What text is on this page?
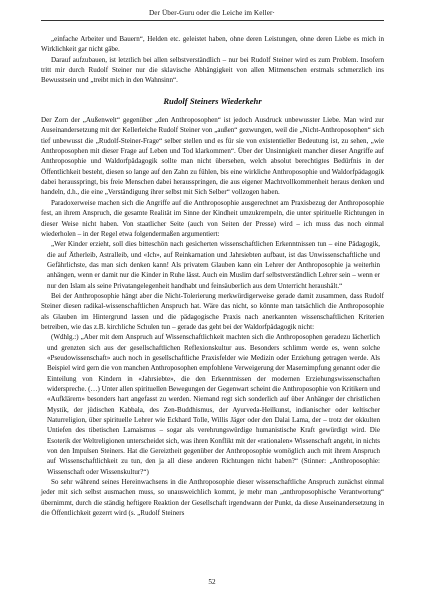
Der Über-Guru oder die Leiche im Keller·

„einfache Arbeiter und Bauern“, Helden etc. geleistet haben, ohne deren Leistungen, ohne deren Liebe es mich in Wirklichkeit gar nicht gäbe.

Darauf aufzubauen, ist letztlich bei allen selbstverständlich – nur bei Rudolf Steiner wird es zum Problem. Insofern tritt mir durch Rudolf Steiner nur die sklavische Abhängigkeit von allen Mitmenschen erstmals schmerzlich ins Bewusstsein und „treibt mich in den Wahnsinn“.

Rudolf Steiners Wiederkehr

Der Zorn der „Außenwelt“ gegenüber „den Anthroposophen“ ist jedoch Ausdruck unbewusster Liebe. Man wird zur Auseinandersetzung mit der Kellerleiche Rudolf Steiner von „außen“ gezwungen, weil die „Nicht-Anthroposophen“ sich tief unbewusst die „Rudolf-Steiner-Frage“ selber stellen und es für sie von existentieller Bedeutung ist, zu sehen, „wie Anthroposophen mit dieser Frage auf Leben und Tod klarkommen“. Über der Unsinnigkeit mancher dieser Angriffe auf Anthroposophie und Waldorfpädagogik sollte man nicht übersehen, welch absolut berechtigtes Bedürfnis in der Öffentlichkeit besteht, diesen so lange auf den Zahn zu fühlen, bis eine wirkliche Anthroposophie und Waldorfpädagogik dabei herausspringt, bis freie Menschen dabei herausspringen, die aus eigener Machtvollkommenheit heraus denken und handeln, d.h., die eine „Verständigung ihrer selbst mit Sich Selber“ vollzogen haben.

Paradoxerweise machen sich die Angriffe auf die Anthroposophie ausgerechnet am Praxisbezug der Anthroposophie fest, an ihrem Anspruch, die gesamte Realität im Sinne der Kindheit umzukrempeln, die unter spirituelle Richtungen in dieser Weise nicht haben. Von staatlicher Seite (auch von Seiten der Presse) wird – ich muss das noch einmal wiederholen – in der Regel etwa folgendermaßen argumentiert:

„Wer Kinder erzieht, soll dies bitteschön nach gesicherten wissenschaftlichen Erkenntnissen tun – eine Pädagogik, die auf Ätherleib, Astralleib, und «Ich», auf Reinkarnation und Jahrsiebten aufbaut, ist das Unwissenschaftliche und Gefährlichste, das man sich denken kann! Als privatem Glauben kann ein Lehrer der Anthroposophie ja weiterhin anhängen, wenn er damit nur die Kinder in Ruhe lässt. Auch ein Muslim darf selbstverständlich Lehrer sein – wenn er nur den Islam als seine Privatangelegenheit handhabt und feinsäuberlich aus dem Unterricht heraushält.“

Bei der Anthroposophie hängt aber die Nicht-Tolerierung merkwürdigerweise gerade damit zusammen, dass Rudolf Steiner diesen radikal-wissenschaftlichen Anspruch hat. Wäre das nicht, so könnte man tatsächlich die Anthroposophie als Glauben im Hintergrund lassen und die pädagogische Praxis nach anerkannten wissenschaftlichen Kriterien betreiben, wie das z.B. kirchliche Schulen tun – gerade das geht bei der Waldorfpädagogik nicht:

(Wdhlg.:) „Aber mit dem Anspruch auf Wissenschaftlichkeit machten sich die Anthroposophen geradezu lächerlich und grenzten sich aus der gesellschaftlichen Reflexionskultur aus. Besonders schlimm werde es, wenn solche «Pseudowissenschaft» auch noch in gesellschaftliche Praxisfelder wie Medizin oder Erziehung getragen werde. Als Beispiel wird gern die von manchen Anthroposophen empfohlene Verweigerung der Masernimpfung genannt oder die Einteilung von Kindern in «Jahrsiebte», die den Erkenntnissen der modernen Erziehungswissenschaften widerspreche. (…) Unter allen spirituellen Bewegungen der Gegenwart scheint die Anthroposophie von Kritikern und «Aufklärern» besonders hart angefasst zu werden. Niemand regt sich sonderlich auf über Anhänger der christlichen Mystik, der jüdischen Kabbala, des Zen-Buddhismus, der Ayurveda-Heilkunst, indianischer oder keltischer Naturreligion, über spirituelle Lehrer wie Eckhard Tolle, Willis Jäger oder den Dalai Lama, der – trotz der okkulten Untiefen des tibetischen Lamaismus – sogar als verehrungswürdige humanistische Kraft gewürdigt wird. Die Esoterik der Weltreligionen unterscheidet sich, was ihren Konflikt mit der «rationalen» Wissenschaft angeht, in nichts von den Impulsen Steiners. Hat die Gereiztheit gegenüber der Anthroposophie womöglich auch mit ihrem Anspruch auf Wissenschaftlichkeit zu tun, den ja all diese anderen Richtungen nicht haben?“ (Stinner: „Anthroposophie: Wissenschaft oder Wissenskultur?“)

So sehr während seines Hereinwachsens in die Anthroposophie dieser wissenschaftliche Anspruch zunächst einmal jeder mit sich selbst ausmachen muss, so unausweichlich kommt, je mehr man „anthroposophische Verantwortung“ übernimmt, durch die ständig heftigere Reaktion der Gesellschaft irgendwann der Punkt, da diese Auseinandersetzung in die Öffentlichkeit gezerrt wird (s. „Rudolf Steiners

52
